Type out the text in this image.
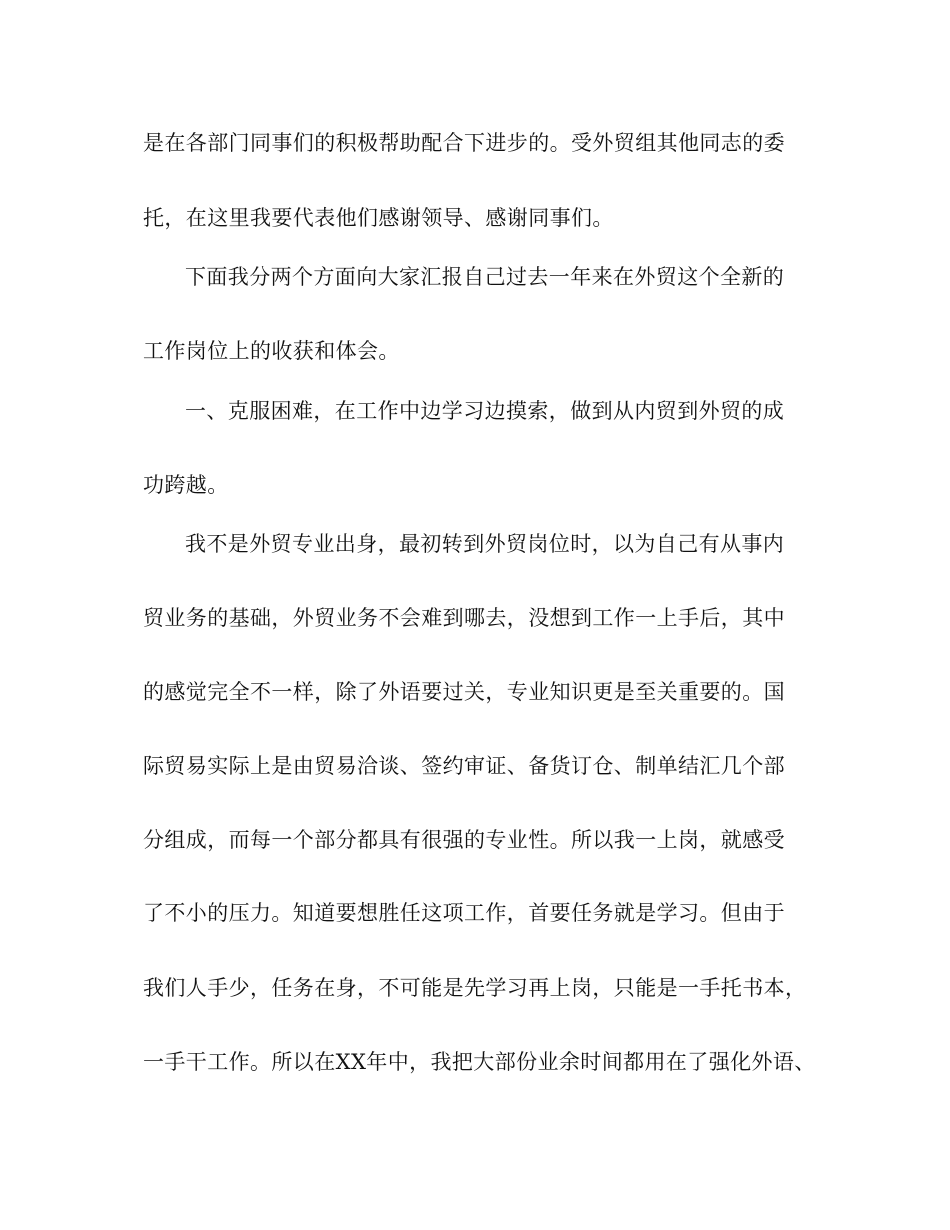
是在各部门同事们的积极帮助配合下进步的。受外贸组其他同志的委
托，在这里我要代表他们感谢领导、感谢同事们。
下面我分两个方面向大家汇报自己过去一年来在外贸这个全新的
工作岗位上的收获和体会。
一、克服困难，在工作中边学习边摸索，做到从内贸到外贸的成
功跨越。
我不是外贸专业出身，最初转到外贸岗位时，以为自己有从事内
贸业务的基础，外贸业务不会难到哪去，没想到工作一上手后，其中
的感觉完全不一样，除了外语要过关，专业知识更是至关重要的。国
际贸易实际上是由贸易洽谈、签约审证、备货订仓、制单结汇几个部
分组成，而每一个部分都具有很强的专业性。所以我一上岗，就感受
了不小的压力。知道要想胜任这项工作，首要任务就是学习。但由于
我们人手少，任务在身，不可能是先学习再上岗，只能是一手托书本，
一手干工作。所以在XX年中，我把大部份业余时间都用在了强化外语、
